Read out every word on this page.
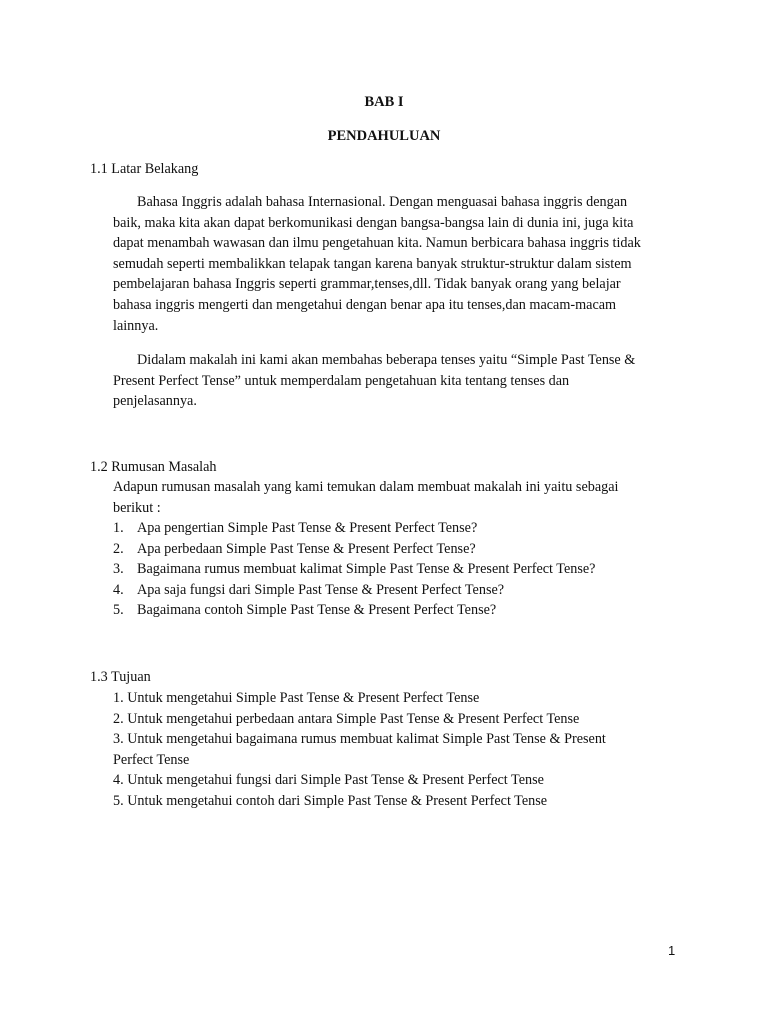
BAB I
PENDAHULUAN
1.1 Latar Belakang

Bahasa Inggris adalah bahasa Internasional. Dengan menguasai bahasa inggris dengan
baik, maka kita akan dapat berkomunikasi dengan bangsa-bangsa lain di dunia ini, juga kita
dapat menambah wawasan dan ilmu pengetahuan kita. Namun berbicara bahasa inggris tidak
semudah seperti membalikkan telapak tangan karena banyak struktur-struktur dalam sistem
pembelajaran bahasa Inggris seperti grammar,tenses,dll. Tidak banyak orang yang belajar
bahasa inggris mengerti dan mengetahui dengan benar apa itu tenses,dan macam-macam
lainnya.

Didalam makalah ini kami akan membahas beberapa tenses yaitu “Simple Past Tense &
Present Perfect Tense” untuk memperdalam pengetahuan kita tentang tenses dan
penjelasannya.

1.2 Rumusan Masalah
Adapun rumusan masalah yang kami temukan dalam membuat makalah ini yaitu sebagai
berikut :
1. Apa pengertian Simple Past Tense & Present Perfect Tense?
2. Apa perbedaan Simple Past Tense & Present Perfect Tense?
3. Bagaimana rumus membuat kalimat Simple Past Tense & Present Perfect Tense?
4. Apa saja fungsi dari Simple Past Tense & Present Perfect Tense?
5. Bagaimana contoh Simple Past Tense & Present Perfect Tense?
1.3 Tujuan
1. Untuk mengetahui Simple Past Tense & Present Perfect Tense
2. Untuk mengetahui perbedaan antara Simple Past Tense & Present Perfect Tense
3. Untuk mengetahui bagaimana rumus membuat kalimat Simple Past Tense & Present
Perfect Tense
4. Untuk mengetahui fungsi dari Simple Past Tense & Present Perfect Tense
5. Untuk mengetahui contoh dari Simple Past Tense & Present Perfect Tense
1
